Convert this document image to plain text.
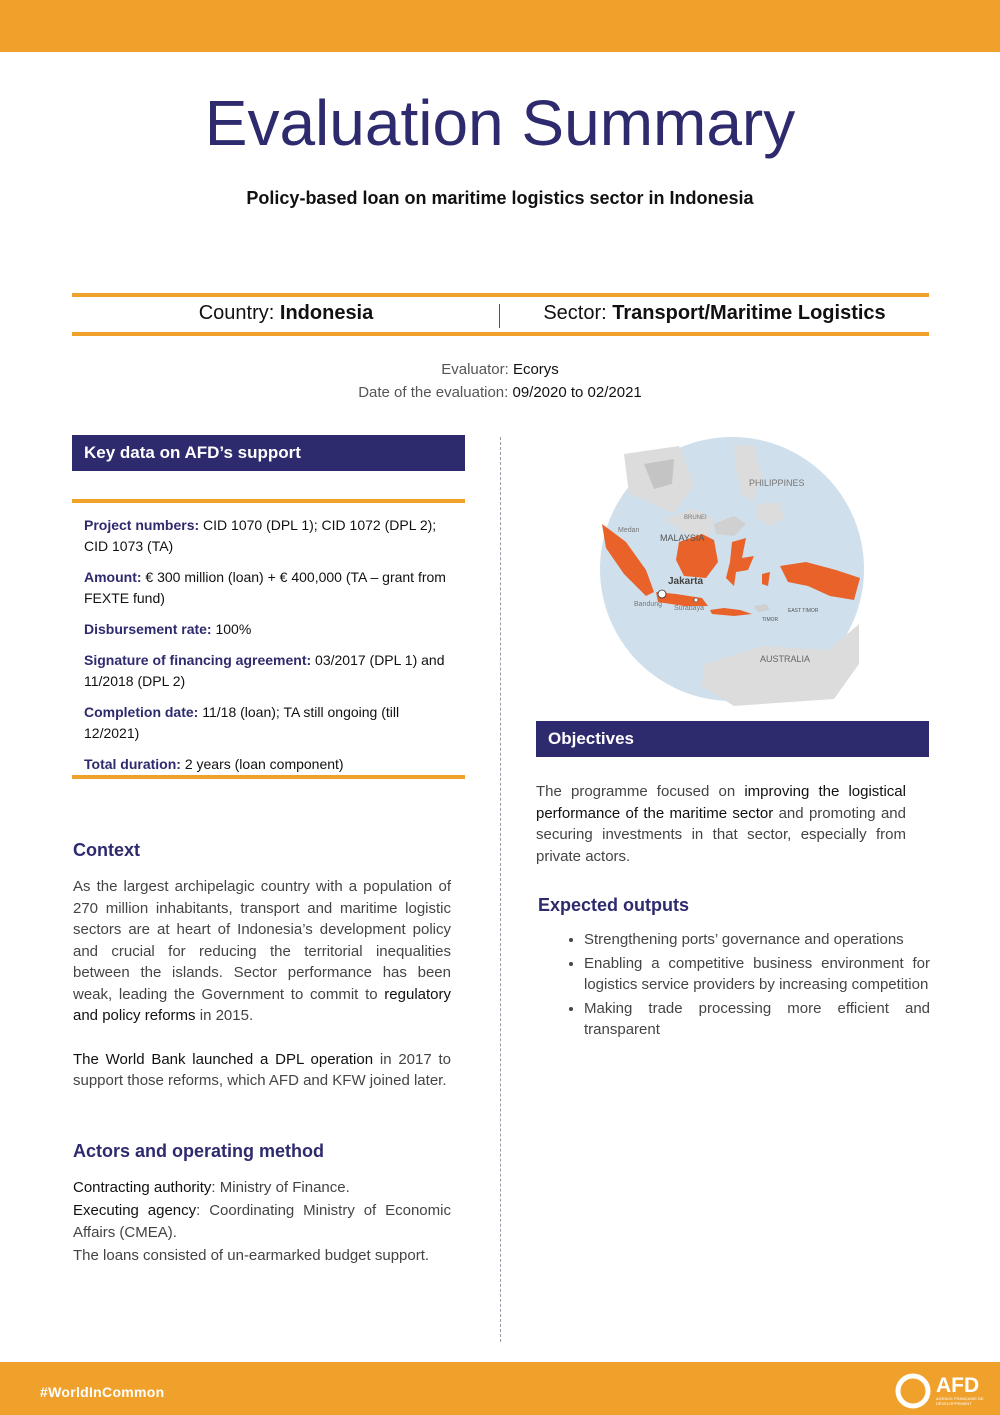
Evaluation Summary
Policy-based loan on maritime logistics sector in Indonesia
Country: Indonesia	Sector: Transport/Maritime Logistics
Evaluator: Ecorys
Date of the evaluation: 09/2020 to 02/2021
Key data on AFD’s support

Project numbers: CID 1070 (DPL 1); CID 1072 (DPL 2); CID 1073 (TA)

Amount: € 300 million (loan) + € 400,000 (TA – grant from FEXTE fund)

Disbursement rate: 100%

Signature of financing agreement: 03/2017 (DPL 1) and 11/2018 (DPL 2)

Completion date: 11/18 (loan); TA still ongoing (till 12/2021)

Total duration: 2 years (loan component)

Context

As the largest archipelagic country with a population of 270 million inhabitants, transport and maritime logistic sectors are at heart of Indonesia’s development policy and crucial for reducing the territorial inequalities between the islands. Sector performance has been weak, leading the Government to commit to regulatory and policy reforms in 2015.

The World Bank launched a DPL operation in 2017 to support those reforms, which AFD and KFW joined later.

Actors and operating method

Contracting authority: Ministry of Finance.

Executing agency: Coordinating Ministry of Economic Affairs (CMEA).

The loans consisted of un-earmarked budget support.

PHILIPPINES
BRUNEI
MALAYSIA
Medan
Jakarta
Bandung
Surabaya	EAST TIMOR
TIMOR
AUSTRALIA
Objectives

The programme focused on improving the logistical performance of the maritime sector and promoting and securing investments in that sector, especially from private actors.

Expected outputs
• Strengthening ports’ governance and operations
• Enabling a competitive business environment for logistics service providers by increasing competition
• Making trade processing more efficient and transparent
#WorldInCommon	AFD
AGENCE FRANÇAISE DE DÉVELOPPEMENT
